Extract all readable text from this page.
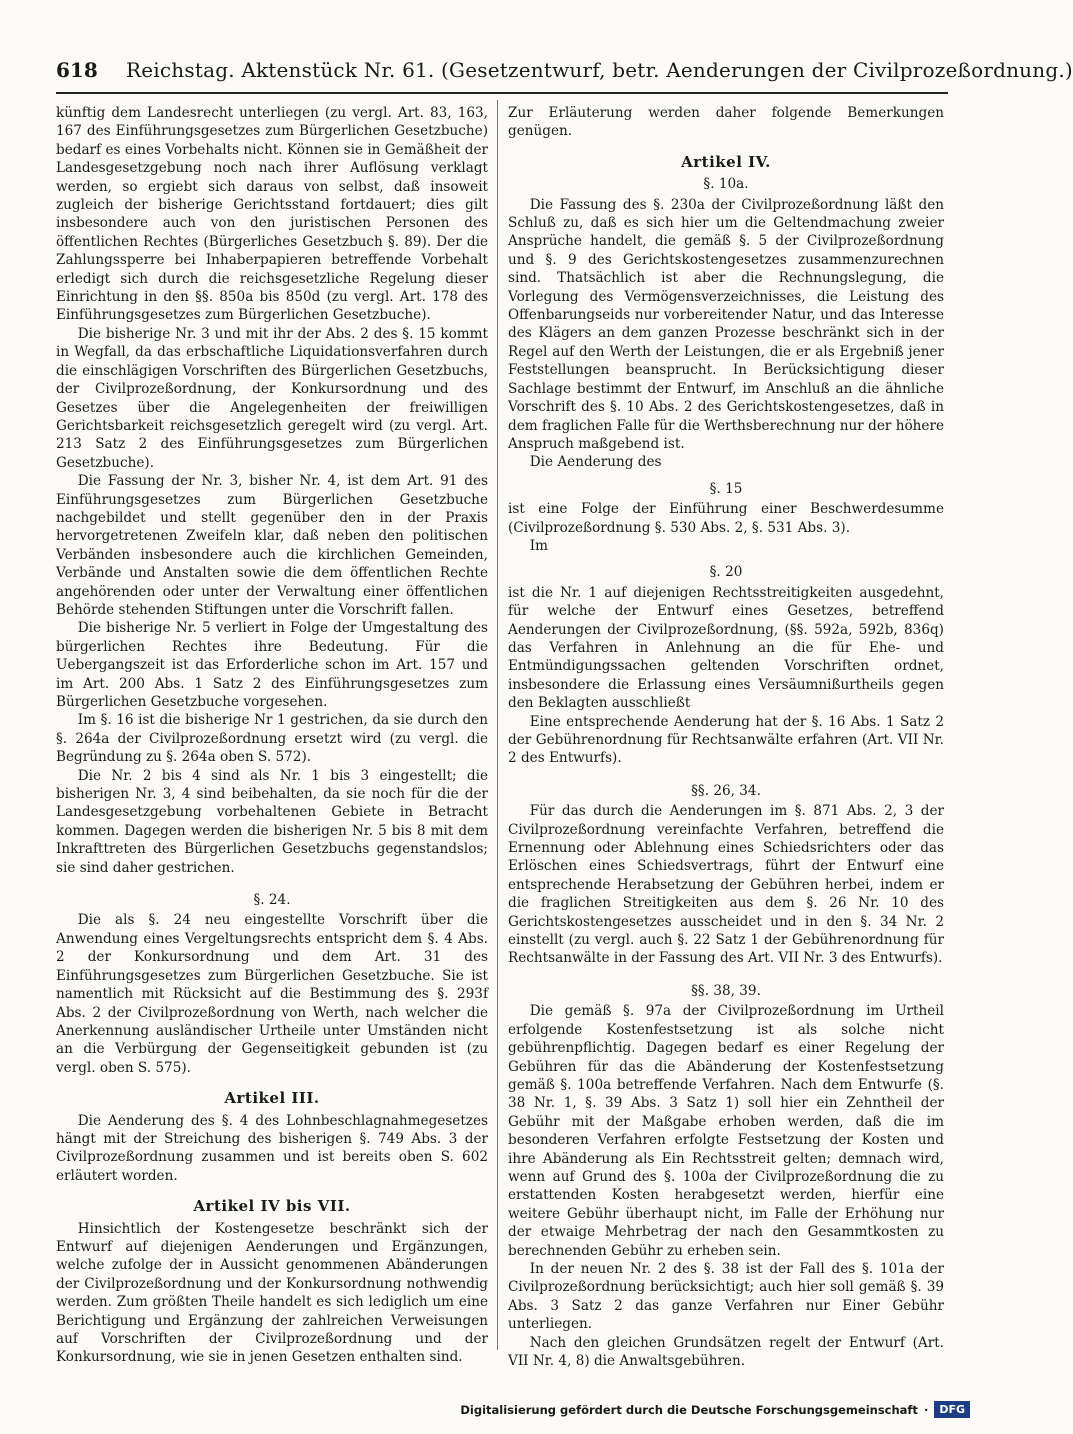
618 Reichstag. Aktenstück Nr. 61. (Gesetzentwurf, betr. Aenderungen der Civilprozeßordnung.)

künftig dem Landesrecht unterliegen (zu vergl. Art. 83, 163, 167 des Einführungsgesetzes zum Bürgerlichen Gesetzbuche) bedarf es eines Vorbehalts nicht. Können sie in Gemäßheit der Landesgesetzgebung noch nach ihrer Auflösung verklagt werden, so ergiebt sich daraus von selbst, daß insoweit zugleich der bisherige Gerichtsstand fortdauert; dies gilt insbesondere auch von den juristischen Personen des öffentlichen Rechtes (Bürgerliches Gesetzbuch §. 89). Der die Zahlungssperre bei Inhaberpapieren betreffende Vorbehalt erledigt sich durch die reichsgesetzliche Regelung dieser Einrichtung in den §§. 850a bis 850d (zu vergl. Art. 178 des Einführungsgesetzes zum Bürgerlichen Gesetzbuche).

Die bisherige Nr. 3 und mit ihr der Abs. 2 des §. 15 kommt in Wegfall, da das erbschaftliche Liquidationsverfahren durch die einschlägigen Vorschriften des Bürgerlichen Gesetzbuchs, der Civilprozeßordnung, der Konkursordnung und des Gesetzes über die Angelegenheiten der freiwilligen Gerichtsbarkeit reichsgesetzlich geregelt wird (zu vergl. Art. 213 Satz 2 des Einführungsgesetzes zum Bürgerlichen Gesetzbuche).

Die Fassung der Nr. 3, bisher Nr. 4, ist dem Art. 91 des Einführungsgesetzes zum Bürgerlichen Gesetzbuche nachgebildet und stellt gegenüber den in der Praxis hervorgetretenen Zweifeln klar, daß neben den politischen Verbänden insbesondere auch die kirchlichen Gemeinden, Verbände und Anstalten sowie die dem öffentlichen Rechte angehörenden oder unter der Verwaltung einer öffentlichen Behörde stehenden Stiftungen unter die Vorschrift fallen.

Die bisherige Nr. 5 verliert in Folge der Umgestaltung des bürgerlichen Rechtes ihre Bedeutung. Für die Uebergangszeit ist das Erforderliche schon im Art. 157 und im Art. 200 Abs. 1 Satz 2 des Einführungsgesetzes zum Bürgerlichen Gesetzbuche vorgesehen.

Im §. 16 ist die bisherige Nr 1 gestrichen, da sie durch den §. 264a der Civilprozeßordnung ersetzt wird (zu vergl. die Begründung zu §. 264a oben S. 572).

Die Nr. 2 bis 4 sind als Nr. 1 bis 3 eingestellt; die bisherigen Nr. 3, 4 sind beibehalten, da sie noch für die der Landesgesetzgebung vorbehaltenen Gebiete in Betracht kommen. Dagegen werden die bisherigen Nr. 5 bis 8 mit dem Inkrafttreten des Bürgerlichen Gesetzbuchs gegenstandslos; sie sind daher gestrichen.

§. 24.

Die als §. 24 neu eingestellte Vorschrift über die Anwendung eines Vergeltungsrechts entspricht dem §. 4 Abs. 2 der Konkursordnung und dem Art. 31 des Einführungsgesetzes zum Bürgerlichen Gesetzbuche. Sie ist namentlich mit Rücksicht auf die Bestimmung des §. 293f Abs. 2 der Civilprozeßordnung von Werth, nach welcher die Anerkennung ausländischer Urtheile unter Umständen nicht an die Verbürgung der Gegenseitigkeit gebunden ist (zu vergl. oben S. 575).

Artikel III.

Die Aenderung des §. 4 des Lohnbeschlagnahmegesetzes hängt mit der Streichung des bisherigen §. 749 Abs. 3 der Civilprozeßordnung zusammen und ist bereits oben S. 602 erläutert worden.

Artikel IV bis VII.

Hinsichtlich der Kostengesetze beschränkt sich der Entwurf auf diejenigen Aenderungen und Ergänzungen, welche zufolge der in Aussicht genommenen Abänderungen der Civilprozeßordnung und der Konkursordnung nothwendig werden. Zum größten Theile handelt es sich lediglich um eine Berichtigung und Ergänzung der zahlreichen Verweisungen auf Vorschriften der Civilprozeßordnung und der Konkursordnung, wie sie in jenen Gesetzen enthalten sind.

Zur Erläuterung werden daher folgende Bemerkungen genügen.

Artikel IV.
§. 10a.

Die Fassung des §. 230a der Civilprozeßordnung läßt den Schluß zu, daß es sich hier um die Geltendmachung zweier Ansprüche handelt, die gemäß §. 5 der Civilprozeßordnung und §. 9 des Gerichtskostengesetzes zusammenzurechnen sind. Thatsächlich ist aber die Rechnungslegung, die Vorlegung des Vermögensverzeichnisses, die Leistung des Offenbarungseids nur vorbereitender Natur, und das Interesse des Klägers an dem ganzen Prozesse beschränkt sich in der Regel auf den Werth der Leistungen, die er als Ergebniß jener Feststellungen beansprucht. In Berücksichtigung dieser Sachlage bestimmt der Entwurf, im Anschluß an die ähnliche Vorschrift des §. 10 Abs. 2 des Gerichtskostengesetzes, daß in dem fraglichen Falle für die Werthsberechnung nur der höhere Anspruch maßgebend ist.

Die Aenderung des

§. 15

ist eine Folge der Einführung einer Beschwerdesumme (Civilprozeßordnung §. 530 Abs. 2, §. 531 Abs. 3).

Im

§. 20

ist die Nr. 1 auf diejenigen Rechtsstreitigkeiten ausgedehnt, für welche der Entwurf eines Gesetzes, betreffend Aenderungen der Civilprozeßordnung, (§§. 592a, 592b, 836q) das Verfahren in Anlehnung an die für Ehe- und Entmündigungssachen geltenden Vorschriften ordnet, insbesondere die Erlassung eines Versäumnißurtheils gegen den Beklagten ausschließt

Eine entsprechende Aenderung hat der §. 16 Abs. 1 Satz 2 der Gebührenordnung für Rechtsanwälte erfahren (Art. VII Nr. 2 des Entwurfs).

§§. 26, 34.

Für das durch die Aenderungen im §. 871 Abs. 2, 3 der Civilprozeßordnung vereinfachte Verfahren, betreffend die Ernennung oder Ablehnung eines Schiedsrichters oder das Erlöschen eines Schiedsvertrags, führt der Entwurf eine entsprechende Herabsetzung der Gebühren herbei, indem er die fraglichen Streitigkeiten aus dem §. 26 Nr. 10 des Gerichtskostengesetzes ausscheidet und in den §. 34 Nr. 2 einstellt (zu vergl. auch §. 22 Satz 1 der Gebührenordnung für Rechtsanwälte in der Fassung des Art. VII Nr. 3 des Entwurfs).

§§. 38, 39.

Die gemäß §. 97a der Civilprozeßordnung im Urtheil erfolgende Kostenfestsetzung ist als solche nicht gebührenpflichtig. Dagegen bedarf es einer Regelung der Gebühren für das die Abänderung der Kostenfestsetzung gemäß §. 100a betreffende Verfahren. Nach dem Entwurfe (§. 38 Nr. 1, §. 39 Abs. 3 Satz 1) soll hier ein Zehntheil der Gebühr mit der Maßgabe erhoben werden, daß die im besonderen Verfahren erfolgte Festsetzung der Kosten und ihre Abänderung als Ein Rechtsstreit gelten; demnach wird, wenn auf Grund des §. 100a der Civilprozeßordnung die zu erstattenden Kosten herabgesetzt werden, hierfür eine weitere Gebühr überhaupt nicht, im Falle der Erhöhung nur der etwaige Mehrbetrag der nach den Gesammtkosten zu berechnenden Gebühr zu erheben sein.

In der neuen Nr. 2 des §. 38 ist der Fall des §. 101a der Civilprozeßordnung berücksichtigt; auch hier soll gemäß §. 39 Abs. 3 Satz 2 das ganze Verfahren nur Einer Gebühr unterliegen.

Nach den gleichen Grundsätzen regelt der Entwurf (Art. VII Nr. 4, 8) die Anwaltsgebühren.

Digitalisierung gefördert durch die Deutsche Forschungsgemeinschaft ·	DFG
